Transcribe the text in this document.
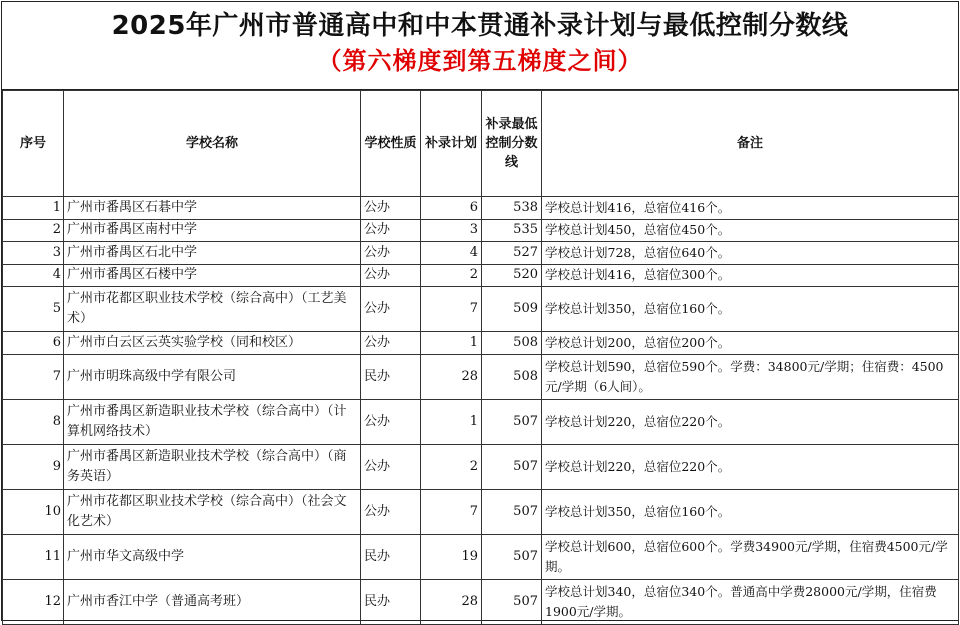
2025年广州市普通高中和中本贯通补录计划与最低控制分数线
（第六梯度到第五梯度之间）
序号	学校名称	学校性质	补录计划	补录最低控制分数线	备注
1	广州市番禺区石碁中学	公办	6	538	学校总计划416，总宿位416个。
2	广州市番禺区南村中学	公办	3	535	学校总计划450，总宿位450个。
3	广州市番禺区石北中学	公办	4	527	学校总计划728，总宿位640个。
4	广州市番禺区石楼中学	公办	2	520	学校总计划416，总宿位300个。
5	广州市花都区职业技术学校（综合高中）（工艺美术）	公办	7	509	学校总计划350，总宿位160个。
6	广州市白云区云英实验学校（同和校区）	公办	1	508	学校总计划200，总宿位200个。
7	广州市明珠高级中学有限公司	民办	28	508	学校总计划590，总宿位590个。学费：34800元/学期；住宿费：4500元/学期（6人间）。
8	广州市番禺区新造职业技术学校（综合高中）（计算机网络技术）	公办	1	507	学校总计划220，总宿位220个。
9	广州市番禺区新造职业技术学校（综合高中）（商务英语）	公办	2	507	学校总计划220，总宿位220个。
10	广州市花都区职业技术学校（综合高中）（社会文化艺术）	公办	7	507	学校总计划350，总宿位160个。
11	广州市华文高级中学	民办	19	507	学校总计划600，总宿位600个。学费34900元/学期，住宿费4500元/学期。
12	广州市香江中学（普通高考班）	民办	28	507	学校总计划340，总宿位340个。普通高中学费28000元/学期，住宿费1900元/学期。
